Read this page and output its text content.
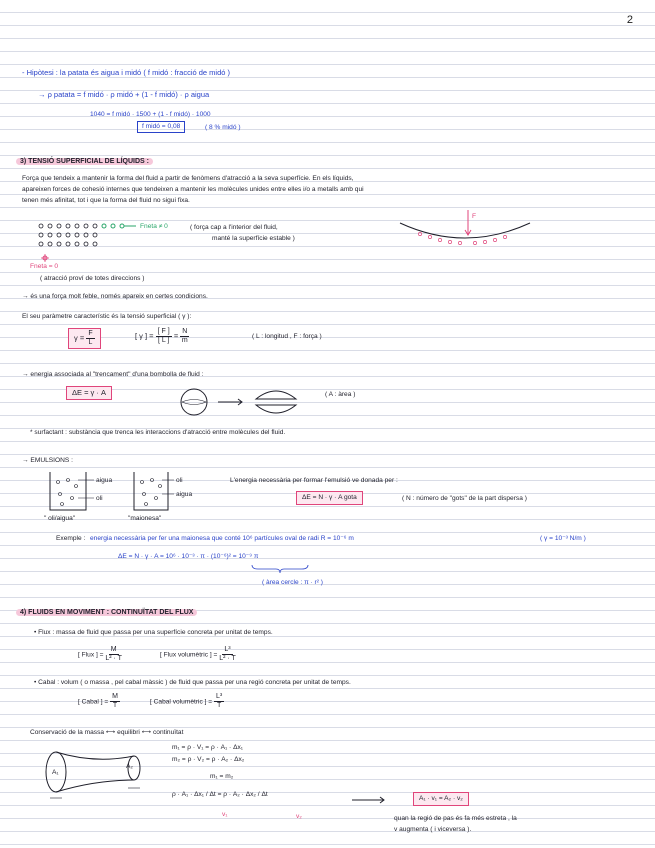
2
- Hipòtesi : la patata és aigua i midó ( f midó : fracció de midó )
→ ρ patata = f midó · ρ midó + (1 - f midó) · ρ aigua
1040 = f midó · 1500 + (1 - f midó) · 1000
f midó = 0,08	( 8 % midó )
3) TENSIÓ SUPERFICIAL DE LÍQUIDS :
Força que tendeix a mantenir la forma del fluid a partir de fenòmens d'atracció a la seva superfície. En els líquids,
apareixen forces de cohesió internes que tendeixen a mantenir les molècules unides entre elles i/o a metalls amb qui
tenen més afinitat, tot i que la forma del fluid no sigui fixa.
Fnetа ≠ 0	( força cap a l'interior del fluid,
manté la superfície estable )
Fnetа = 0
( atracció proví de totes direccions )
F
→ és una força molt feble, només apareix en certes condicions.
El seu paràmetre característic és la tensió superficial ( γ ):
$\gamma = \frac{F}{L}$	[ γ ] = $\frac{[ F ]}{[ L ]} = \frac{N}{m}$	( L : longitud , F : força )
→ energia associada al "trencament" d'una bombolla de fluid :
ΔE = γ · A	( A : àrea )
* surfactant : substància que trenca les interaccions d'atracció entre molècules del fluid.
→ EMULSIONS :
aigua
oli
oli
aigua
" oli/aigua"	"maionesa"
L'energia necessària per formar l'emulsió ve donada per :
ΔE = N · γ · A gota	( N : número de "gots" de la part dispersa )
Exemple : energia necessària per fer una maionesa que conté 10⁶ partícules oval de radi R = 10⁻⁶ m	( γ = 10⁻³ N/m )
ΔE = N · γ · A = 10⁶ · 10⁻³ · π · (10⁻⁶)² = 10⁻⁹ π
( àrea cercle : π · r² )
4) FLUIDS EN MOVIMENT : CONTINUÏTAT DEL FLUX
• Flux : massa de fluid que passa per una superfície concreta per unitat de temps.
[ Flux ] = $\frac{M}{\text{L² · T}}$	[ Flux volumètric ] = $\frac{\text{L³}}{\text{L² · T}}$
• Cabal : volum ( o massa , pel cabal màssic ) de fluid que passa per una regió concreta per unitat de temps.
[ Cabal ] = $\frac{M}{T}$	[ Cabal volumètric ] = $\frac{\text{L³}}{T}$
Conservació de la massa ⟷ equilibri ⟷ continuïtat
A₁
A₂
m₁ = ρ · V₁ = ρ · A₁ · Δx₁
m₂ = ρ · V₂ = ρ · A₂ · Δx₂
m₁ = m₂
ρ · A₁ · Δx₁ / Δt = ρ · A₂ · Δx₂ / Δt
v₁	v₂
A₁ · v₁ = A₂ · v₂
quan la regió de pas és fa més estreta , la
v augmenta ( i viceversa ).
